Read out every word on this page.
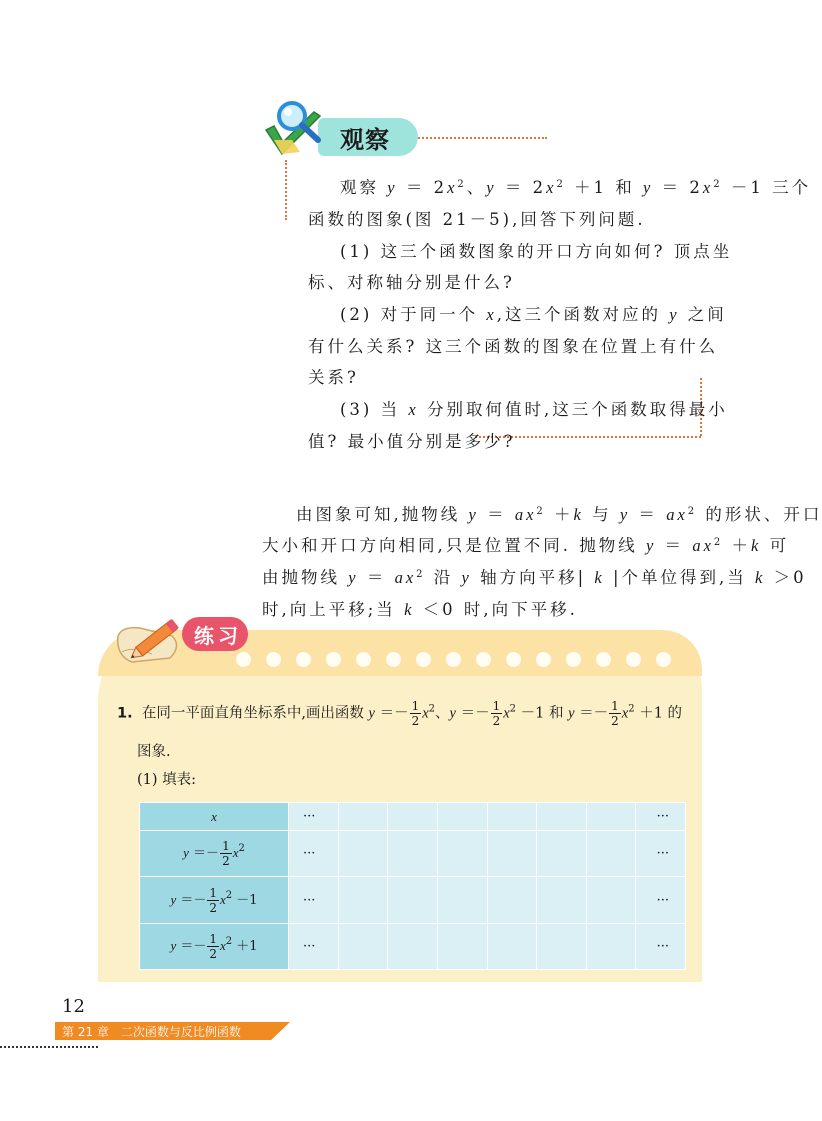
观察
观察 $y = 2x^2$、$y = 2x^2 +1$ 和 $y = 2x^2 -1$ 三个
函数的图象(图 21－5),回答下列问题.
(1) 这三个函数图象的开口方向如何? 顶点坐
标、对称轴分别是什么?
(2) 对于同一个 x,这三个函数对应的 y 之间
有什么关系? 这三个函数的图象在位置上有什么
关系?
(3) 当 x 分别取何值时,这三个函数取得最小
值? 最小值分别是多少?
由图象可知,抛物线 $y = ax^2 +k$ 与 $y = ax^2$ 的形状、开口
大小和开口方向相同,只是位置不同. 抛物线 $y = ax^2 +k$ 可
由抛物线 $y = ax^2$ 沿 y 轴方向平移| k |个单位得到,当 k ＞0
时,向上平移;当 k ＜0 时,向下平移.
练习
1. 在同一平面直角坐标系中,画出函数 $y =- \frac{1}{2} x^2$、$y =- \frac{1}{2} x^2 -1$ 和 $y =- \frac{1}{2} x^2 +1$ 的
图象.
(1) 填表:
x	···							···
$y =- \frac{1}{2} x^2$	···							···
$y =- \frac{1}{2} x^2 -1$	···							···
$y =- \frac{1}{2} x^2 +1$	···							···
12
第 21 章　二次函数与反比例函数
